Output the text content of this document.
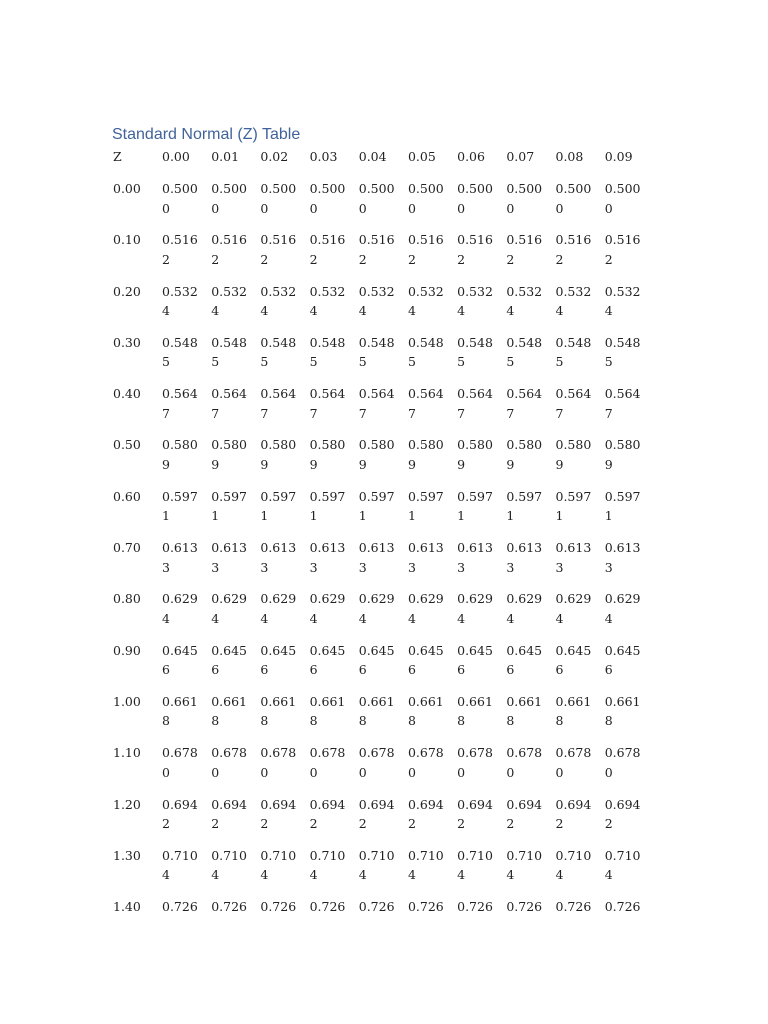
Standard Normal (Z) Table
Z	0.00	0.01	0.02	0.03	0.04	0.05	0.06	0.07	0.08	0.09
0.00	0.5000	0.5000	0.5000	0.5000	0.5000	0.5000	0.5000	0.5000	0.5000	0.5000

0.10	0.5162	0.5162	0.5162	0.5162	0.5162	0.5162	0.5162	0.5162	0.5162	0.5162

0.20	0.5324	0.5324	0.5324	0.5324	0.5324	0.5324	0.5324	0.5324	0.5324	0.5324

0.30	0.5485	0.5485	0.5485	0.5485	0.5485	0.5485	0.5485	0.5485	0.5485	0.5485

0.40	0.5647	0.5647	0.5647	0.5647	0.5647	0.5647	0.5647	0.5647	0.5647	0.5647

0.50	0.5809	0.5809	0.5809	0.5809	0.5809	0.5809	0.5809	0.5809	0.5809	0.5809

0.60	0.5971	0.5971	0.5971	0.5971	0.5971	0.5971	0.5971	0.5971	0.5971	0.5971

0.70	0.6133	0.6133	0.6133	0.6133	0.6133	0.6133	0.6133	0.6133	0.6133	0.6133

0.80	0.6294	0.6294	0.6294	0.6294	0.6294	0.6294	0.6294	0.6294	0.6294	0.6294

0.90	0.6456	0.6456	0.6456	0.6456	0.6456	0.6456	0.6456	0.6456	0.6456	0.6456

1.00	0.6618	0.6618	0.6618	0.6618	0.6618	0.6618	0.6618	0.6618	0.6618	0.6618

1.10	0.6780	0.6780	0.6780	0.6780	0.6780	0.6780	0.6780	0.6780	0.6780	0.6780

1.20	0.6942	0.6942	0.6942	0.6942	0.6942	0.6942	0.6942	0.6942	0.6942	0.6942

1.30	0.7104	0.7104	0.7104	0.7104	0.7104	0.7104	0.7104	0.7104	0.7104	0.7104

1.40	0.726	0.726	0.726	0.726	0.726	0.726	0.726	0.726	0.726	0.726
